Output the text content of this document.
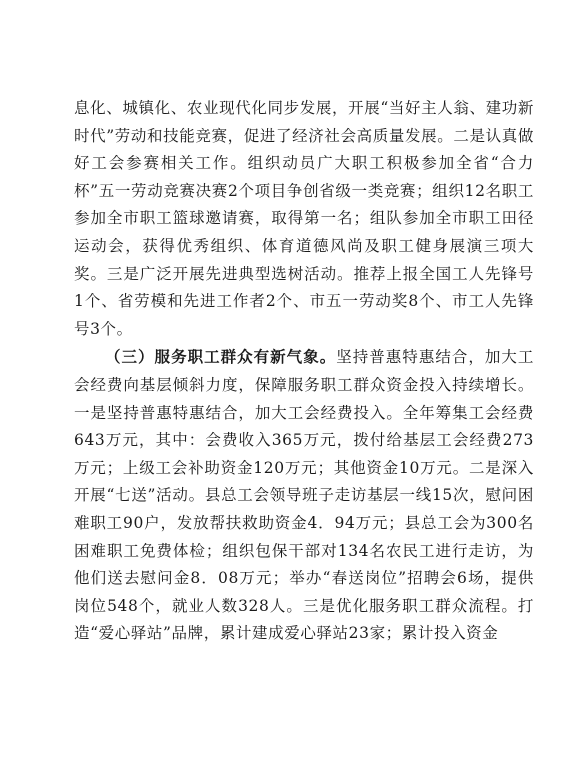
息化、城镇化、农业现代化同步发展，开展“当好主人翁、建功新时代”劳动和技能竞赛，促进了经济社会高质量发展。二是认真做好工会参赛相关工作。组织动员广大职工积极参加全省“合力杯”五一劳动竞赛决赛2个项目争创省级一类竞赛；组织12名职工参加全市职工篮球邀请赛，取得第一名；组队参加全市职工田径运动会，获得优秀组织、体育道德风尚及职工健身展演三项大奖。三是广泛开展先进典型选树活动。推荐上报全国工人先锋号1个、省劳模和先进工作者2个、市五一劳动奖8个、市工人先锋号3个。

（三）服务职工群众有新气象。坚持普惠特惠结合，加大工会经费向基层倾斜力度，保障服务职工群众资金投入持续增长。一是坚持普惠特惠结合，加大工会经费投入。全年筹集工会经费643万元，其中：会费收入365万元，拨付给基层工会经费273万元；上级工会补助资金120万元；其他资金10万元。二是深入开展“七送”活动。县总工会领导班子走访基层一线15次，慰问困难职工90户，发放帮扶救助资金4．94万元；县总工会为300名困难职工免费体检；组织包保干部对134名农民工进行走访，为他们送去慰问金8．08万元；举办“春送岗位”招聘会6场，提供岗位548个，就业人数328人。三是优化服务职工群众流程。打造“爱心驿站”品牌，累计建成爱心驿站23家；累计投入资金
